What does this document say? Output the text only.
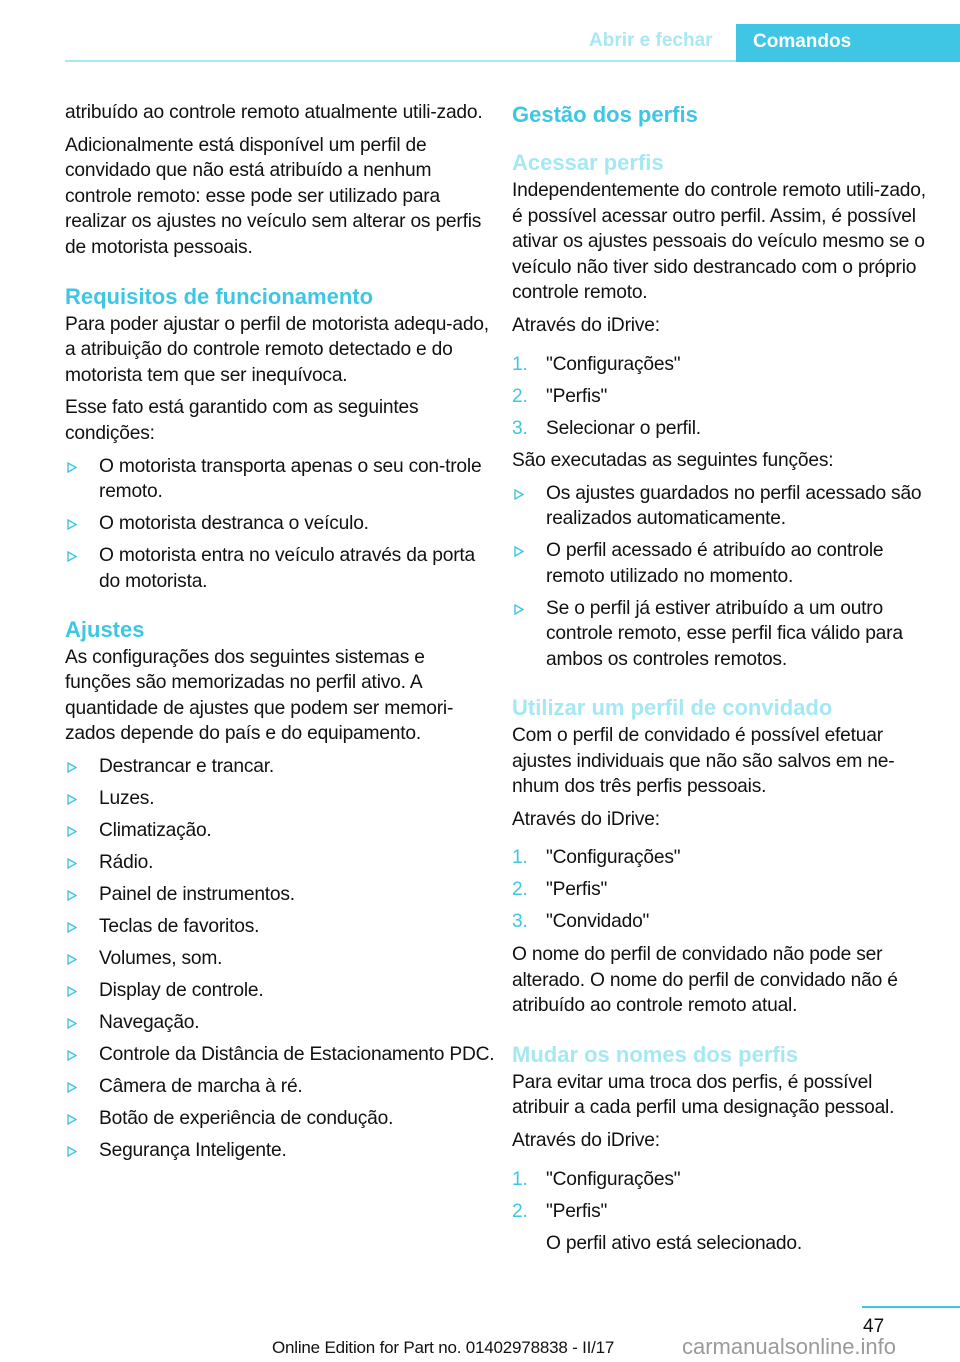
Abrir e fechar	Comandos

atribuído ao controle remoto atualmente utili‐zado.

Adicionalmente está disponível um perfil de convidado que não está atribuído a nenhum controle remoto: esse pode ser utilizado para realizar os ajustes no veículo sem alterar os perfis de motorista pessoais.

Requisitos de funcionamento

Para poder ajustar o perfil de motorista adequ‐ado, a atribuição do controle remoto detectado e do motorista tem que ser inequívoca.

Esse fato está garantido com as seguintes condições:

O motorista transporta apenas o seu con‐trole remoto.
O motorista destranca o veículo.
O motorista entra no veículo através da porta do motorista.
Ajustes

As configurações dos seguintes sistemas e funções são memorizadas no perfil ativo. A quantidade de ajustes que podem ser memori‐zados depende do país e do equipamento.

Destrancar e trancar.
Luzes.
Climatização.
Rádio.
Painel de instrumentos.
Teclas de favoritos.
Volumes, som.
Display de controle.
Navegação.
Controle da Distância de Estacionamento PDC.
Câmera de marcha à ré.
Botão de experiência de condução.
Segurança Inteligente.
Gestão dos perfis
Acessar perfis

Independentemente do controle remoto utili‐zado, é possível acessar outro perfil. Assim, é possível ativar os ajustes pessoais do veículo mesmo se o veículo não tiver sido destrancado com o próprio controle remoto.

Através do iDrive:

1. "Configurações"
2. "Perfis"
3. Selecionar o perfil.

São executadas as seguintes funções:

Os ajustes guardados no perfil acessado são realizados automaticamente.
O perfil acessado é atribuído ao controle remoto utilizado no momento.
Se o perfil já estiver atribuído a um outro controle remoto, esse perfil fica válido para ambos os controles remotos.
Utilizar um perfil de convidado

Com o perfil de convidado é possível efetuar ajustes individuais que não são salvos em ne‐nhum dos três perfis pessoais.

Através do iDrive:

1. "Configurações"
2. "Perfis"
3. "Convidado"

O nome do perfil de convidado não pode ser alterado. O nome do perfil de convidado não é atribuído ao controle remoto atual.

Mudar os nomes dos perfis

Para evitar uma troca dos perfis, é possível atribuir a cada perfil uma designação pessoal.

Através do iDrive:

1. "Configurações"
2. "Perfis"

O perfil ativo está selecionado.

47
Online Edition for Part no. 01402978838 - II/17	carmanualsonline.info
